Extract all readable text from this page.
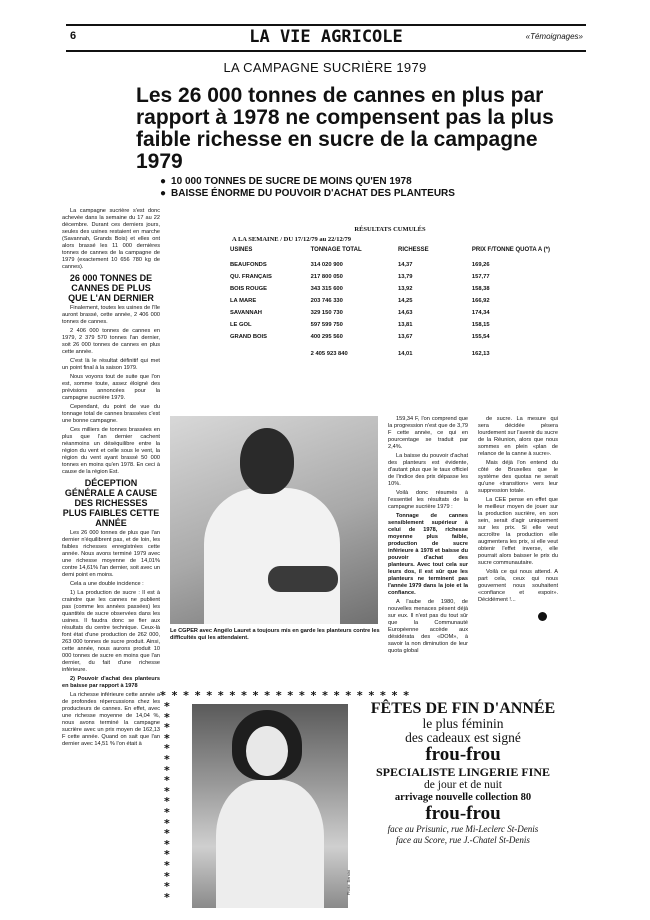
6	LA VIE AGRICOLE	«Témoignages»
LA CAMPAGNE SUCRIÈRE 1979
Les 26 000 tonnes de cannes en plus par rapport à 1978 ne compensent pas la plus faible richesse en sucre de la campagne 1979
● 10 000 TONNES DE SUCRE DE MOINS QU'EN 1978
● BAISSE ÉNORME DU POUVOIR D'ACHAT DES PLANTEURS

La campagne sucrière s'est donc achevée dans la semaine du 17 au 22 décembre. Durant ces derniers jours, seules des usines restaient en marche (Savannah, Grands Bois) et elles ont alors brassé les 11 000 dernières tonnes de cannes de la campagne de 1979 (exactement 10 656 780 kg de cannes).

26 000 TONNES DE CANNES DE PLUS QUE L'AN DERNIER

Finalement, toutes les usines de l'île auront brassé, cette année, 2 406 000 tonnes de cannes.

2 406 000 tonnes de cannes en 1979, 2 379 570 tonnes l'an dernier, soit 26 000 tonnes de cannes en plus cette année.

C'est là le résultat définitif qui met un point final à la saison 1979.

Nous voyons tout de suite que l'on est, somme toute, assez éloigné des prévisions annoncées pour la campagne sucrière 1979.

Cependant, du point de vue du tonnage total de cannes brassées c'est une bonne campagne.

Ces milliers de tonnes brassées en plus que l'an dernier cachent néanmoins un déséquilibre entre la région du vent et celle sous le vent, la région du vent ayant brassé 50 000 tonnes en moins qu'en 1978. En ceci à cause de la région Est.

DÉCEPTION GÉNÉRALE A CAUSE DES RICHESSES PLUS FAIBLES CETTE ANNÉE

Les 26 000 tonnes de plus que l'an dernier n'équilibrent pas, et de loin, les faibles richesses enregistrées cette année. Nous avons terminé 1979 avec une richesse moyenne de 14,01% contre 14,61% l'an dernier, soit avec un demi point en moins.

Cela a une double incidence :

1) La production de sucre : Il est à craindre que les cannes ne publient pas (comme les années passées) les quantités de sucre observées dans les usines. Il faudra donc se fier aux résultats du centre technique. Ceux-là font état d'une production de 262 000, 263 000 tonnes de sucre produit. Ainsi, cette année, nous aurons produit 10 000 tonnes de sucre en moins que l'an dernier, du fait d'une richesse inférieure.

2) Pouvoir d'achat des planteurs en baisse par rapport à 1978

La richesse inférieure cette année a de profondes répercussions chez les producteurs de cannes. En effet, avec une richesse moyenne de 14,04 %, nous avons terminé la campagne sucrière avec un prix moyen de 162,13 F cette année. Quand on sait que l'an dernier avec 14,51 % l'on était à

RÉSULTATS CUMULÉS
A LA SEMAINE / DU 17/12/79 au 22/12/79
USINES	TONNAGE TOTAL	RICHESSE	PRIX F/TONNE QUOTA A (*)
BEAUFONDS	314 020 900	14,37	169,26
QU. FRANÇAIS	217 800 050	13,79	157,77
BOIS ROUGE	343 315 600	13,92	158,38
LA MARE	203 746 330	14,25	166,92
SAVANNAH	329 150 730	14,63	174,34
LE GOL	597 599 750	13,81	158,15
GRAND BOIS	400 295 560	13,67	155,54
	2 405 923 840	14,01	162,13
Le CGPER avec Angélo Lauret a toujours mis en garde les planteurs contre les difficultés qui les attendaient.

159,34 F, l'on comprend que la progression n'est que de 3,79 F cette année, ce qui en pourcentage se traduit par 2,4%.

La baisse du pouvoir d'achat des planteurs est évidente, d'autant plus que le taux officiel de l'indice des prix dépasse les 10%.

Voilà donc résumés à l'essentiel les résultats de la campagne sucrière 1979 :

Tonnage de cannes sensiblement supérieur à celui de 1978, richesse moyenne plus faible, production de sucre inférieure à 1978 et baisse du pouvoir d'achat des planteurs. Avec tout cela sur leurs dos, il est sûr que les planteurs ne terminent pas l'année 1979 dans la joie et la confiance.

A l'aube de 1980, de nouvelles menaces pèsent déjà sur eux. Il n'est pas du tout sûr que la Communauté Européenne accède aux désidérata des «DOM», à savoir la non diminution de leur quota global

de sucre. La mesure qui sera décidée pèsera lourdement sur l'avenir du sucre de la Réunion, alors que nous sommes en plein «plan de relance de la canne à sucre».

Mais déjà l'on entend du côté de Bruxelles que le système des quotas ne serait qu'une «transition» vers leur suppression totale.

La CEE pense en effet que le meilleur moyen de jouer sur la production sucrière, en son sein, serait d'agir uniquement sur les prix. Si elle veut accroître la production elle augmentera les prix, si elle veut obtenir l'effet inverse, elle pourrait alors baisser le prix du sucre communautaire.

Voilà ce qui nous attend. A part cela, ceux qui nous gouvernent nous souhaitent «confiance et espoir». Décidément !...

* * * * * * * * * * * * * * * * * * * * * *
* * * * * * * * * * * * * * * * * * *
Photo: Bernini
FÊTES DE FIN D'ANNÉE
le plus féminin
des cadeaux est signé
frou-frou
SPECIALISTE LINGERIE FINE
de jour et de nuit
arrivage nouvelle collection 80
frou-frou
face au Prisunic, rue Mi-Leclerc St-Denis
face au Score, rue J.-Chatel St-Denis
